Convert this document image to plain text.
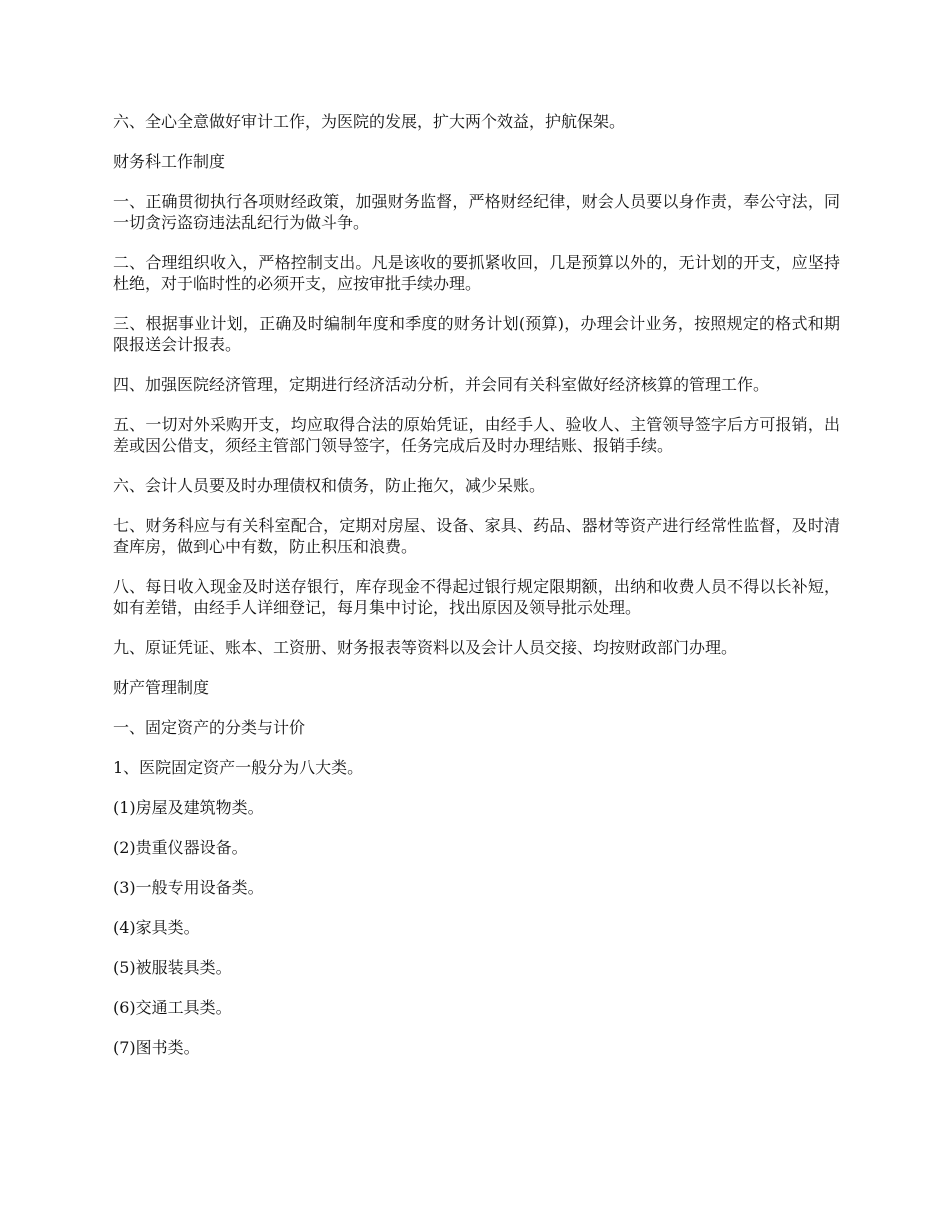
六、全心全意做好审计工作，为医院的发展，扩大两个效益，护航保架。

财务科工作制度

一、正确贯彻执行各项财经政策，加强财务监督，严格财经纪律，财会人员要以身作责，奉公守法，同一切贪污盗窃违法乱纪行为做斗争。

二、合理组织收入，严格控制支出。凡是该收的要抓紧收回，几是预算以外的，无计划的开支，应坚持杜绝，对于临时性的必须开支，应按审批手续办理。

三、根据事业计划，正确及时编制年度和季度的财务计划(预算)，办理会计业务，按照规定的格式和期限报送会计报表。

四、加强医院经济管理，定期进行经济活动分析，并会同有关科室做好经济核算的管理工作。

五、一切对外采购开支，均应取得合法的原始凭证，由经手人、验收人、主管领导签字后方可报销，出差或因公借支，须经主管部门领导签字，任务完成后及时办理结账、报销手续。

六、会计人员要及时办理债权和债务，防止拖欠，减少呆账。

七、财务科应与有关科室配合，定期对房屋、设备、家具、药品、器材等资产进行经常性监督，及时清查库房，做到心中有数，防止积压和浪费。

八、每日收入现金及时送存银行，库存现金不得起过银行规定限期额，出纳和收费人员不得以长补短，如有差错，由经手人详细登记，每月集中讨论，找出原因及领导批示处理。

九、原证凭证、账本、工资册、财务报表等资料以及会计人员交接、均按财政部门办理。

财产管理制度

一、固定资产的分类与计价

1、医院固定资产一般分为八大类。

(1)房屋及建筑物类。

(2)贵重仪器设备。

(3)一般专用设备类。

(4)家具类。

(5)被服装具类。

(6)交通工具类。

(7)图书类。
